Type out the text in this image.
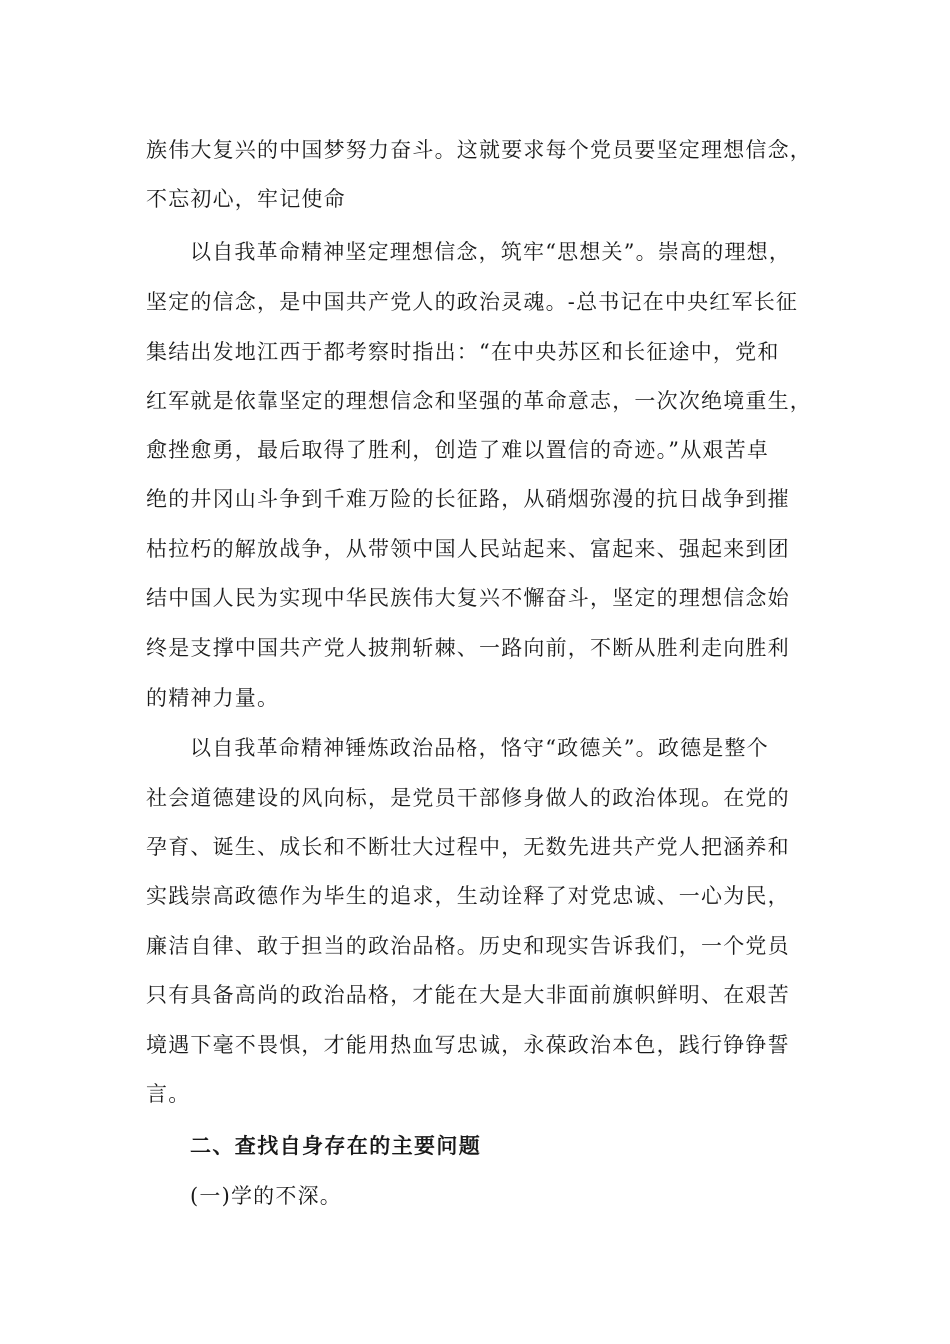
族伟大复兴的中国梦努力奋斗。这就要求每个党员要坚定理想信念，
不忘初心，牢记使命
以自我革命精神坚定理想信念，筑牢“思想关”。崇高的理想，
坚定的信念，是中国共产党人的政治灵魂。-总书记在中央红军长征
集结出发地江西于都考察时指出：“在中央苏区和长征途中，党和
红军就是依靠坚定的理想信念和坚强的革命意志，一次次绝境重生，
愈挫愈勇，最后取得了胜利，创造了难以置信的奇迹。”从艰苦卓
绝的井冈山斗争到千难万险的长征路，从硝烟弥漫的抗日战争到摧
枯拉朽的解放战争，从带领中国人民站起来、富起来、强起来到团
结中国人民为实现中华民族伟大复兴不懈奋斗，坚定的理想信念始
终是支撑中国共产党人披荆斩棘、一路向前，不断从胜利走向胜利
的精神力量。
以自我革命精神锤炼政治品格，恪守“政德关”。政德是整个
社会道德建设的风向标，是党员干部修身做人的政治体现。在党的
孕育、诞生、成长和不断壮大过程中，无数先进共产党人把涵养和
实践崇高政德作为毕生的追求，生动诠释了对党忠诚、一心为民，
廉洁自律、敢于担当的政治品格。历史和现实告诉我们，一个党员
只有具备高尚的政治品格，才能在大是大非面前旗帜鲜明、在艰苦
境遇下毫不畏惧，才能用热血写忠诚，永葆政治本色，践行铮铮誓
言。
二、查找自身存在的主要问题
(一)学的不深。
